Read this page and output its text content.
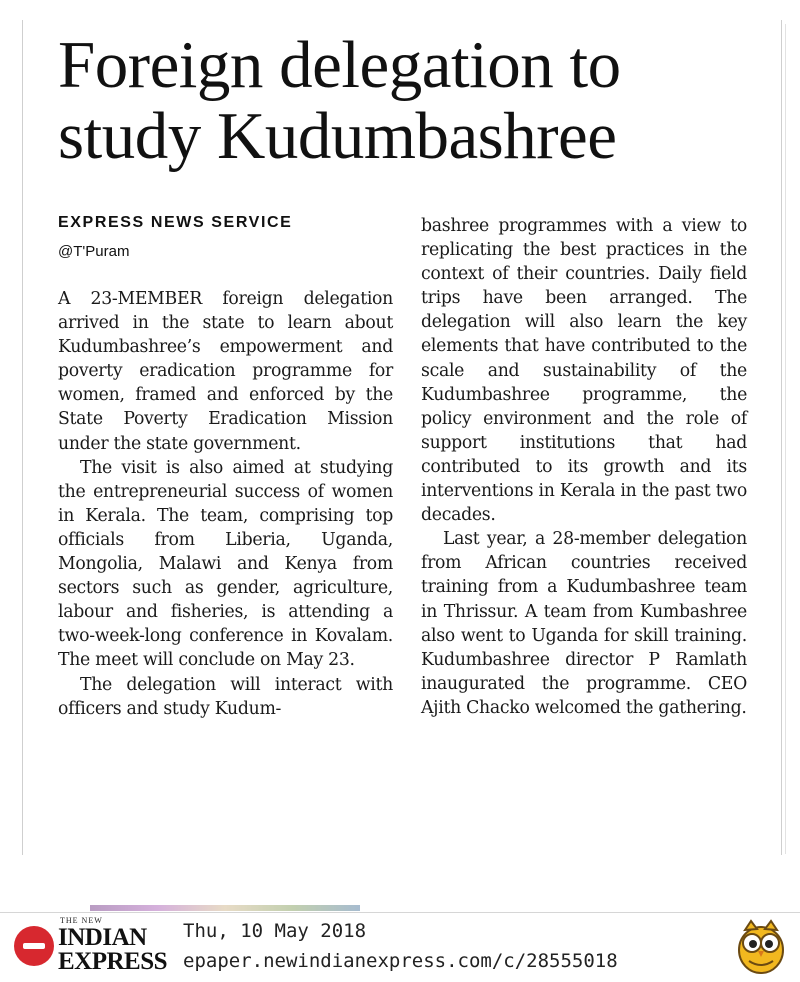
Foreign delegation to
study Kudumbashree

EXPRESS NEWS SERVICE

@T'Puram

A 23-MEMBER foreign delegation arrived in the state to learn about Kudumbashree’s empowerment and poverty eradication programme for women, framed and enforced by the State Poverty Eradication Mission under the state government.

The visit is also aimed at studying the entrepreneurial success of women in Kerala. The team, comprising top officials from Liberia, Uganda, Mongolia, Malawi and Kenya from sectors such as gender, agriculture, labour and fisheries, is attending a two-week-long conference in Kovalam. The meet will conclude on May 23.

The delegation will interact with officers and study Kudum-

bashree programmes with a view to replicating the best practices in the context of their countries. Daily field trips have been arranged. The delegation will also learn the key elements that have contributed to the scale and sustainability of the Kudumbashree programme, the policy environment and the role of support institutions that had contributed to its growth and its interventions in Kerala in the past two decades.

Last year, a 28-member delegation from African countries received training from a Kudumbashree team in Thrissur. A team from Kumbashree also went to Uganda for skill training. Kudumbashree director P Ramlath inaugurated the programme. CEO Ajith Chacko welcomed the gathering.

THE NEW

INDIAN
EXPRESS

Thu, 10 May 2018

epaper.newindianexpress.com/c/28555018
